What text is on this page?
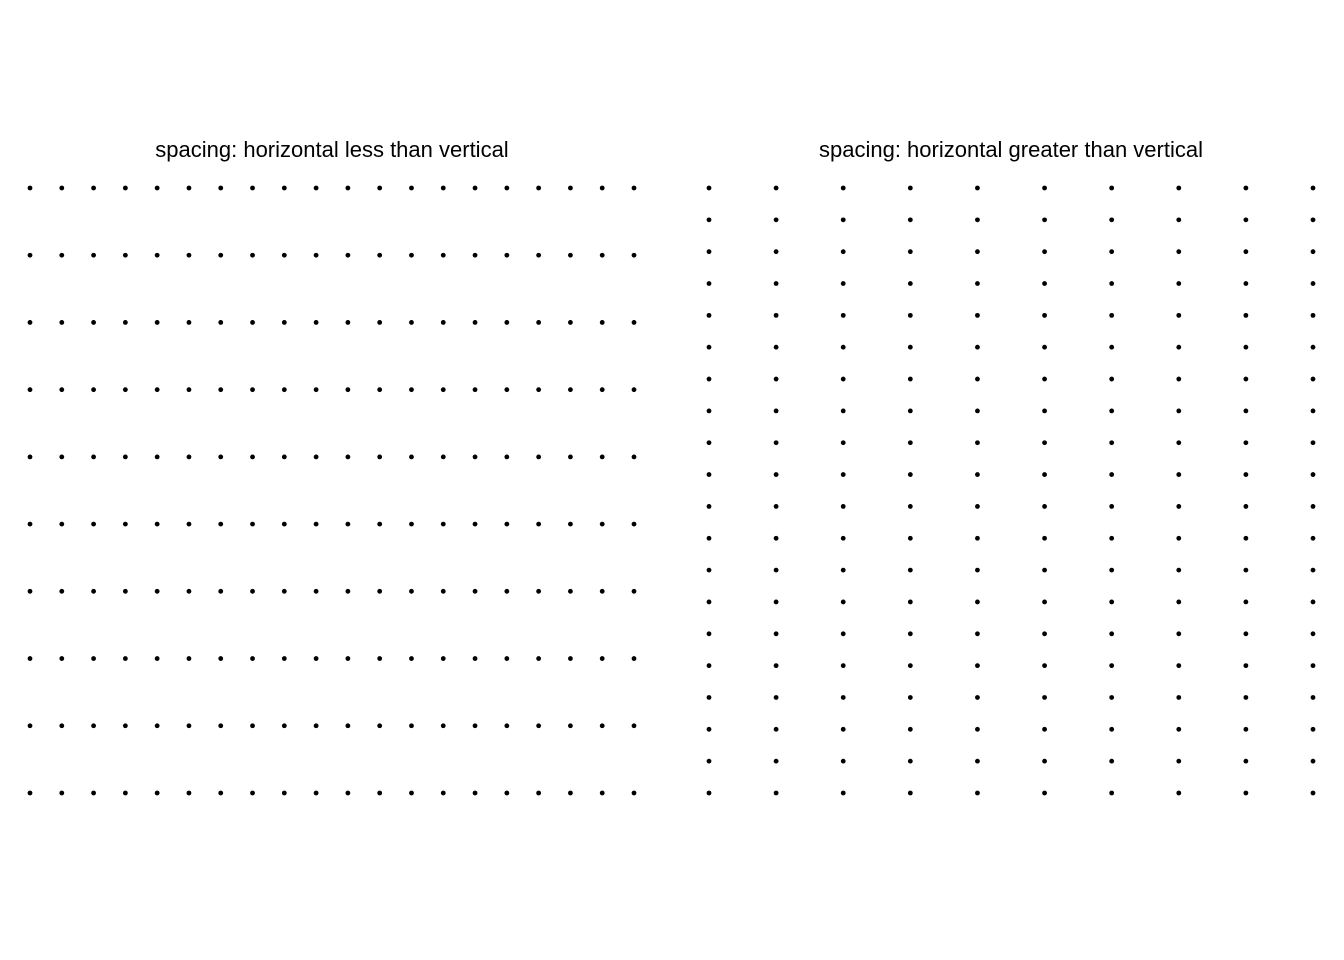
spacing: horizontal less than vertical	spacing: horizontal greater than vertical
